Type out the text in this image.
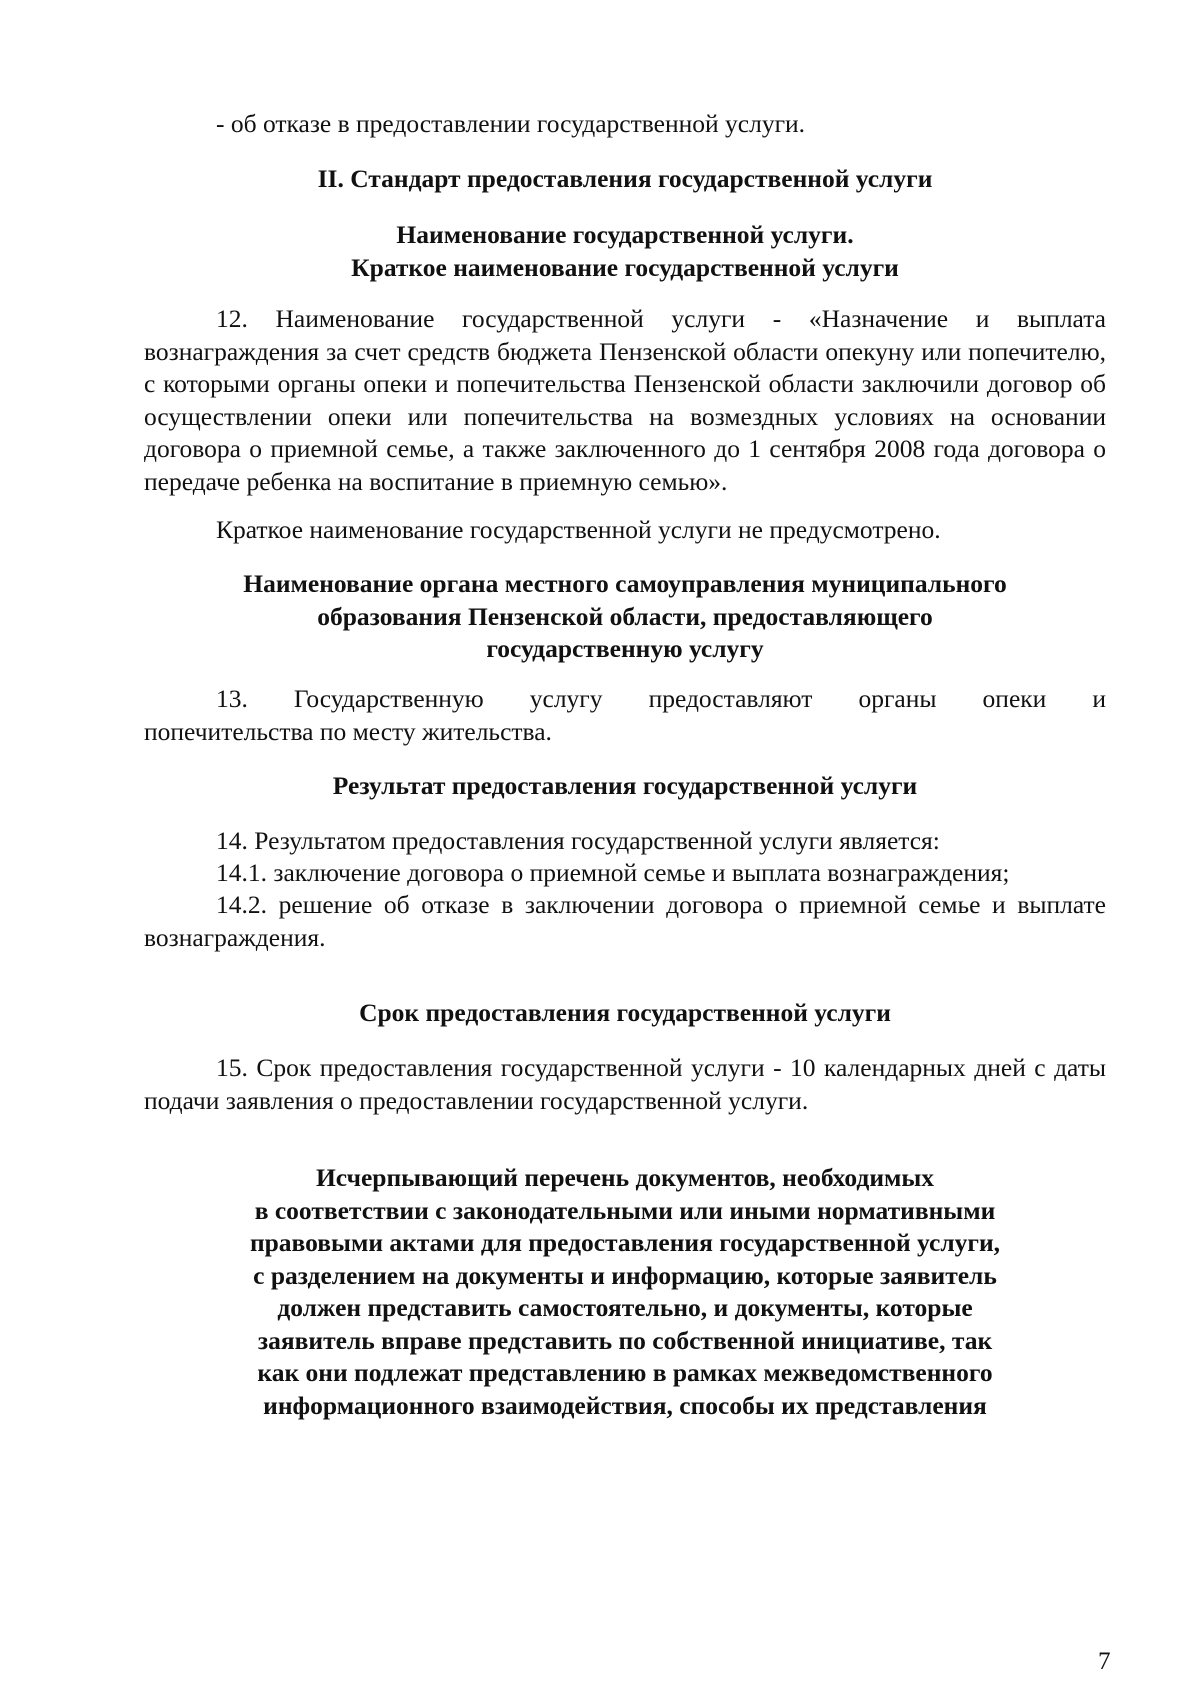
- об отказе в предоставлении государственной услуги.
II. Стандарт предоставления государственной услуги
Наименование государственной услуги.
Краткое наименование государственной услуги
12. Наименование государственной услуги - «Назначение и выплата вознаграждения за счет средств бюджета Пензенской области опекуну или попечителю, с которыми органы опеки и попечительства Пензенской области заключили договор об осуществлении опеки или попечительства на возмездных условиях на основании договора о приемной семье, а также заключенного до 1 сентября 2008 года договора о передаче ребенка на воспитание в приемную семью».
Краткое наименование государственной услуги не предусмотрено.
Наименование органа местного самоуправления муниципального
образования Пензенской области, предоставляющего
государственную услугу
13. Государственную услугу предоставляют органы опеки и
попечительства по месту жительства.
Результат предоставления государственной услуги
14. Результатом предоставления государственной услуги является:
14.1. заключение договора о приемной семье и выплата вознаграждения;
14.2. решение об отказе в заключении договора о приемной семье и выплате вознаграждения.
Срок предоставления государственной услуги
15. Срок предоставления государственной услуги - 10 календарных дней с даты подачи заявления о предоставлении государственной услуги.
Исчерпывающий перечень документов, необходимых
в соответствии с законодательными или иными нормативными
правовыми актами для предоставления государственной услуги,
с разделением на документы и информацию, которые заявитель
должен представить самостоятельно, и документы, которые
заявитель вправе представить по собственной инициативе, так
как они подлежат представлению в рамках межведомственного
информационного взаимодействия, способы их представления
7
